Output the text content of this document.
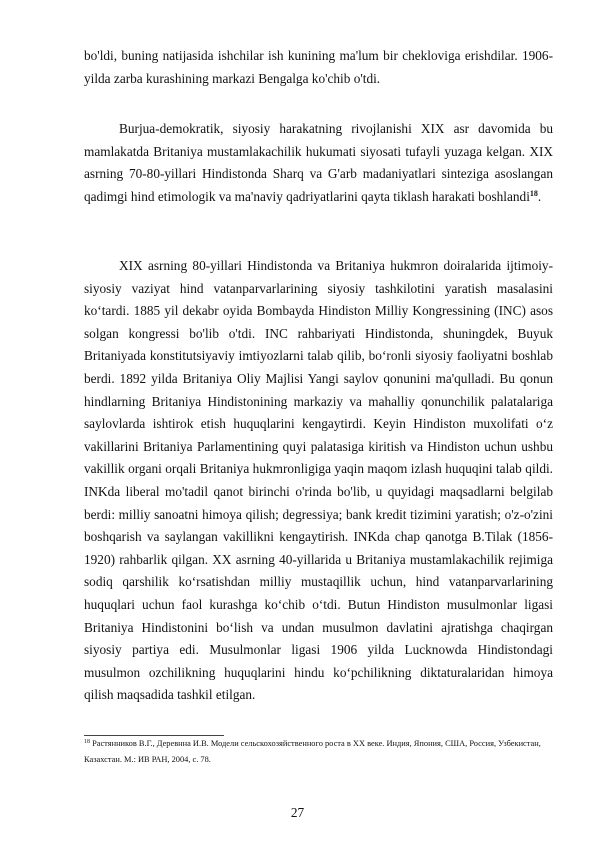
bo'ldi, buning natijasida ishchilar ish kunining ma'lum bir chekloviga erishdilar. 1906-yilda zarba kurashining markazi Bengalga ko'chib o'tdi.

Burjua-demokratik, siyosiy harakatning rivojlanishi XIX asr davomida bu mamlakatda Britaniya mustamlakachilik hukumati siyosati tufayli yuzaga kelgan. XIX asrning 70-80-yillari Hindistonda Sharq va G'arb madaniyatlari sinteziga asoslangan qadimgi hind etimologik va ma'naviy qadriyatlarini qayta tiklash harakati boshlandi$^{18}$.

XIX asrning 80-yillari Hindistonda va Britaniya hukmron doiralarida ijtimoiy-siyosiy vaziyat hind vatanparvarlarining siyosiy tashkilotini yaratish masalasini koʻtardi. 1885 yil dekabr oyida Bombayda Hindiston Milliy Kongressining (INC) asos solgan kongressi bo'lib o'tdi. INC rahbariyati Hindistonda, shuningdek, Buyuk Britaniyada konstitutsiyaviy imtiyozlarni talab qilib, boʻronli siyosiy faoliyatni boshlab berdi. 1892 yilda Britaniya Oliy Majlisi Yangi saylov qonunini ma'qulladi. Bu qonun hindlarning Britaniya Hindistonining markaziy va mahalliy qonunchilik palatalariga saylovlarda ishtirok etish huquqlarini kengaytirdi. Keyin Hindiston muxolifati oʻz vakillarini Britaniya Parlamentining quyi palatasiga kiritish va Hindiston uchun ushbu vakillik organi orqali Britaniya hukmronligiga yaqin maqom izlash huquqini talab qildi. INKda liberal mo'tadil qanot birinchi o'rinda bo'lib, u quyidagi maqsadlarni belgilab berdi: milliy sanoatni himoya qilish; degressiya; bank kredit tizimini yaratish; o'z-o'zini boshqarish va saylangan vakillikni kengaytirish. INKda chap qanotga B.Tilak (1856-1920) rahbarlik qilgan. XX asrning 40-yillarida u Britaniya mustamlakachilik rejimiga sodiq qarshilik koʻrsatishdan milliy mustaqillik uchun, hind vatanparvarlarining huquqlari uchun faol kurashga koʻchib oʻtdi. Butun Hindiston musulmonlar ligasi Britaniya Hindistonini boʻlish va undan musulmon davlatini ajratishga chaqirgan siyosiy partiya edi. Musulmonlar ligasi 1906 yilda Lucknowda Hindistondagi musulmon ozchilikning huquqlarini hindu koʻpchilikning diktaturalaridan himoya qilish maqsadida tashkil etilgan.

$^{18}$ Растянников В.Г., Деревнна И.В. Модели сельскохозяйственного роста в XX веке. Индия, Япония, США, Россия, Узбекистан, Казахстан. М.: ИВ РАН, 2004, с. 78.

27
